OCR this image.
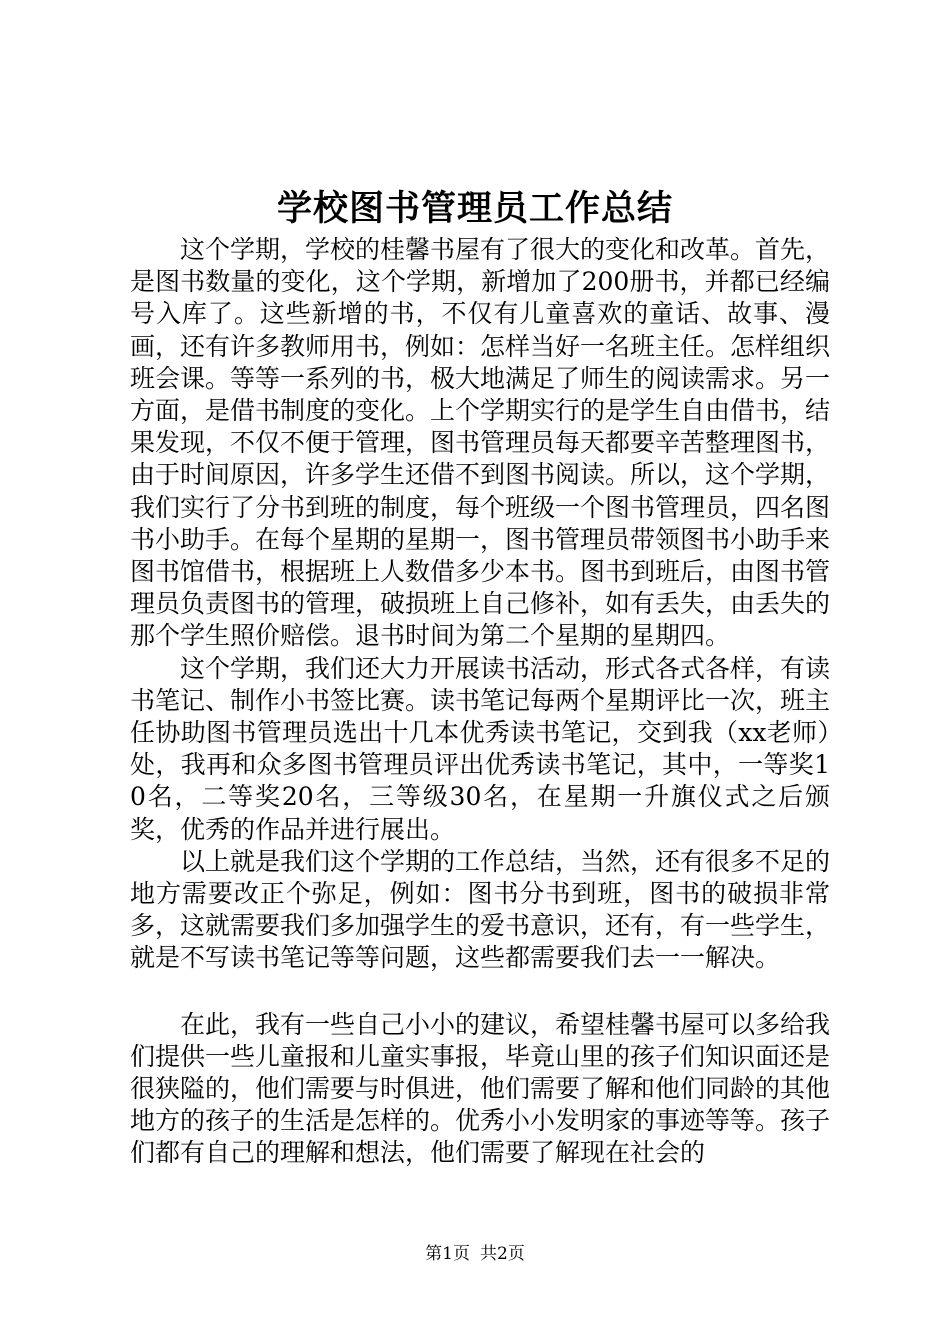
学校图书管理员工作总结

这个学期，学校的桂馨书屋有了很大的变化和改革。首先，是图书数量的变化，这个学期，新增加了200册书，并都已经编号入库了。这些新增的书，不仅有儿童喜欢的童话、故事、漫画，还有许多教师用书，例如：怎样当好一名班主任。怎样组织班会课。等等一系列的书，极大地满足了师生的阅读需求。另一方面，是借书制度的变化。上个学期实行的是学生自由借书，结果发现，不仅不便于管理，图书管理员每天都要辛苦整理图书，由于时间原因，许多学生还借不到图书阅读。所以，这个学期，我们实行了分书到班的制度，每个班级一个图书管理员，四名图书小助手。在每个星期的星期一，图书管理员带领图书小助手来图书馆借书，根据班上人数借多少本书。图书到班后，由图书管理员负责图书的管理，破损班上自己修补，如有丢失，由丢失的那个学生照价赔偿。退书时间为第二个星期的星期四。

这个学期，我们还大力开展读书活动，形式各式各样，有读书笔记、制作小书签比赛。读书笔记每两个星期评比一次，班主任协助图书管理员选出十几本优秀读书笔记，交到我（xx老师）处，我再和众多图书管理员评出优秀读书笔记，其中，一等奖10名，二等奖20名，三等级30名，在星期一升旗仪式之后颁奖，优秀的作品并进行展出。

以上就是我们这个学期的工作总结，当然，还有很多不足的地方需要改正个弥足，例如：图书分书到班，图书的破损非常多，这就需要我们多加强学生的爱书意识，还有，有一些学生，就是不写读书笔记等等问题，这些都需要我们去一一解决。

在此，我有一些自己小小的建议，希望桂馨书屋可以多给我们提供一些儿童报和儿童实事报，毕竟山里的孩子们知识面还是很狭隘的，他们需要与时俱进，他们需要了解和他们同龄的其他地方的孩子的生活是怎样的。优秀小小发明家的事迹等等。孩子们都有自己的理解和想法，他们需要了解现在社会的

第1页 共2页
